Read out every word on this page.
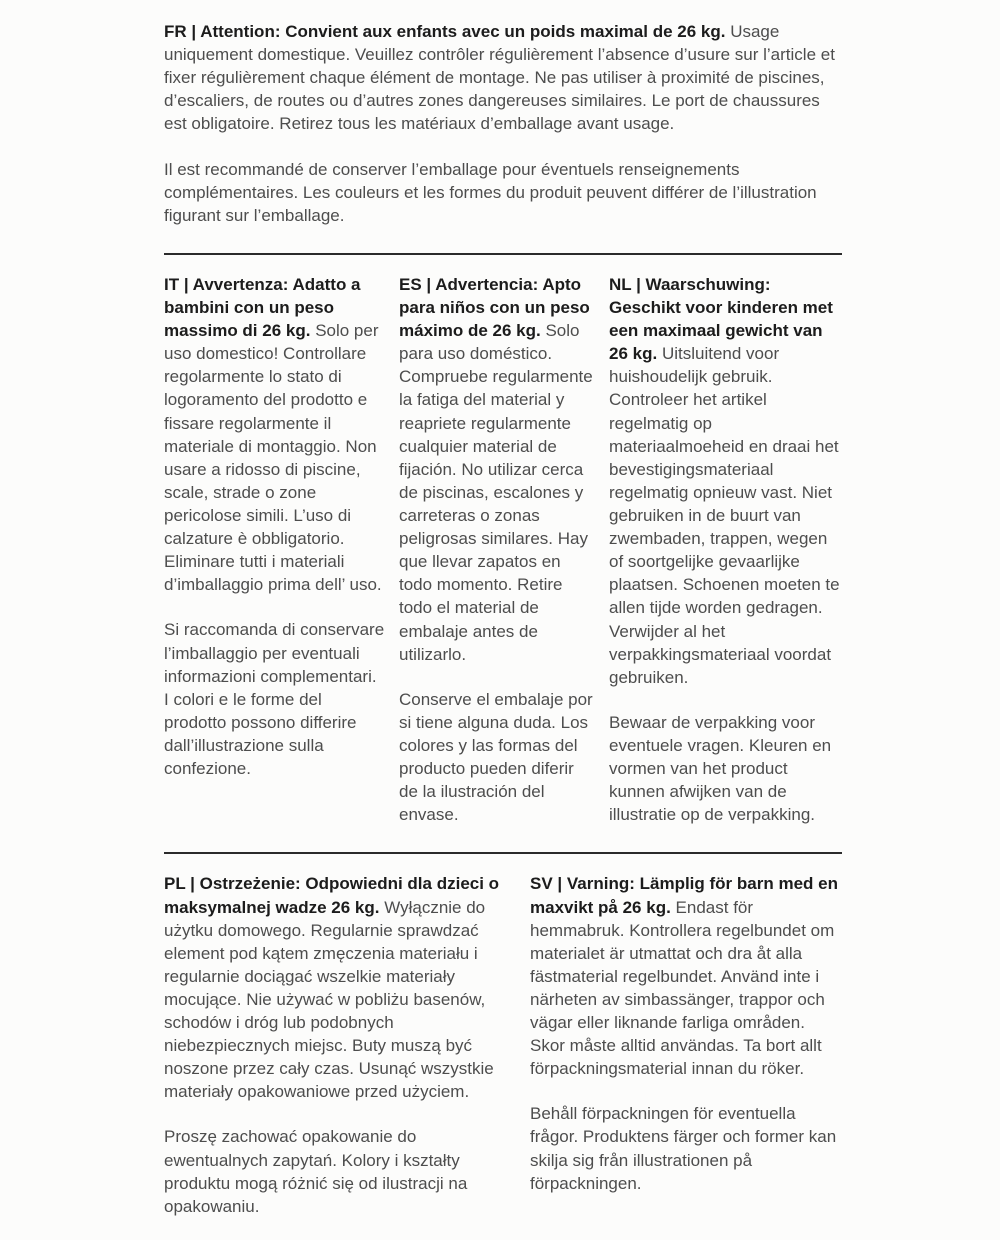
FR | Attention: Convient aux enfants avec un poids maximal de 26 kg. Usage uniquement domestique. Veuillez contrôler régulièrement l’absence d’usure sur l’article et fixer régulièrement chaque élément de montage. Ne pas utiliser à proximité de piscines, d’escaliers, de routes ou d’autres zones dangereuses similaires. Le port de chaussures est obligatoire. Retirez tous les matériaux d’emballage avant usage.

Il est recommandé de conserver l’emballage pour éventuels renseignements complémentaires. Les couleurs et les formes du produit peuvent différer de l’illustration figurant sur l’emballage.

IT | Avvertenza: Adatto a bambini con un peso massimo di 26 kg. Solo per uso domestico! Controllare regolarmente lo stato di logoramento del prodotto e fissare regolarmente il materiale di montaggio. Non usare a ridosso di piscine, scale, strade o zone pericolose simili. L’uso di calzature è obbligatorio. Eliminare tutti i materiali d’imballaggio prima dell’ uso.

Si raccomanda di conservare l’imballaggio per eventuali informazioni complementari. I colori e le forme del prodotto possono differire dall’illustrazione sulla confezione.

ES | Advertencia: Apto para niños con un peso máximo de 26 kg. Solo para uso doméstico. Compruebe regularmente la fatiga del material y reapriete regularmente cualquier material de fijación. No utilizar cerca de piscinas, escalones y carreteras o zonas peligrosas similares. Hay que llevar zapatos en todo momento. Retire todo el material de embalaje antes de utilizarlo.

Conserve el embalaje por si tiene alguna duda. Los colores y las formas del producto pueden diferir de la ilustración del envase.

NL | Waarschuwing: Geschikt voor kinderen met een maximaal gewicht van 26 kg. Uitsluitend voor huishoudelijk gebruik. Controleer het artikel regelmatig op materiaalmoeheid en draai het bevestigingsmateriaal regelmatig opnieuw vast. Niet gebruiken in de buurt van zwembaden, trappen, wegen of soortgelijke gevaarlijke plaatsen. Schoenen moeten te allen tijde worden gedragen. Verwijder al het verpakkingsmateriaal voordat gebruiken.

Bewaar de verpakking voor eventuele vragen. Kleuren en vormen van het product kunnen afwijken van de illustratie op de verpakking.

PL | Ostrzeżenie: Odpowiedni dla dzieci o maksymalnej wadze 26 kg. Wyłącznie do użytku domowego. Regularnie sprawdzać element pod kątem zmęczenia materiału i regularnie dociągać wszelkie materiały mocujące. Nie używać w pobliżu basenów, schodów i dróg lub podobnych niebezpiecznych miejsc. Buty muszą być noszone przez cały czas. Usunąć wszystkie materiały opakowaniowe przed użyciem.

Proszę zachować opakowanie do ewentualnych zapytań. Kolory i kształty produktu mogą różnić się od ilustracji na opakowaniu.

SV | Varning: Lämplig för barn med en maxvikt på 26 kg. Endast för hemmabruk. Kontrollera regelbundet om materialet är utmattat och dra åt alla fästmaterial regelbundet. Använd inte i närheten av simbassänger, trappor och vägar eller liknande farliga områden. Skor måste alltid användas. Ta bort allt förpackningsmaterial innan du röker.

Behåll förpackningen för eventuella frågor. Produktens färger och former kan skilja sig från illustrationen på förpackningen.
